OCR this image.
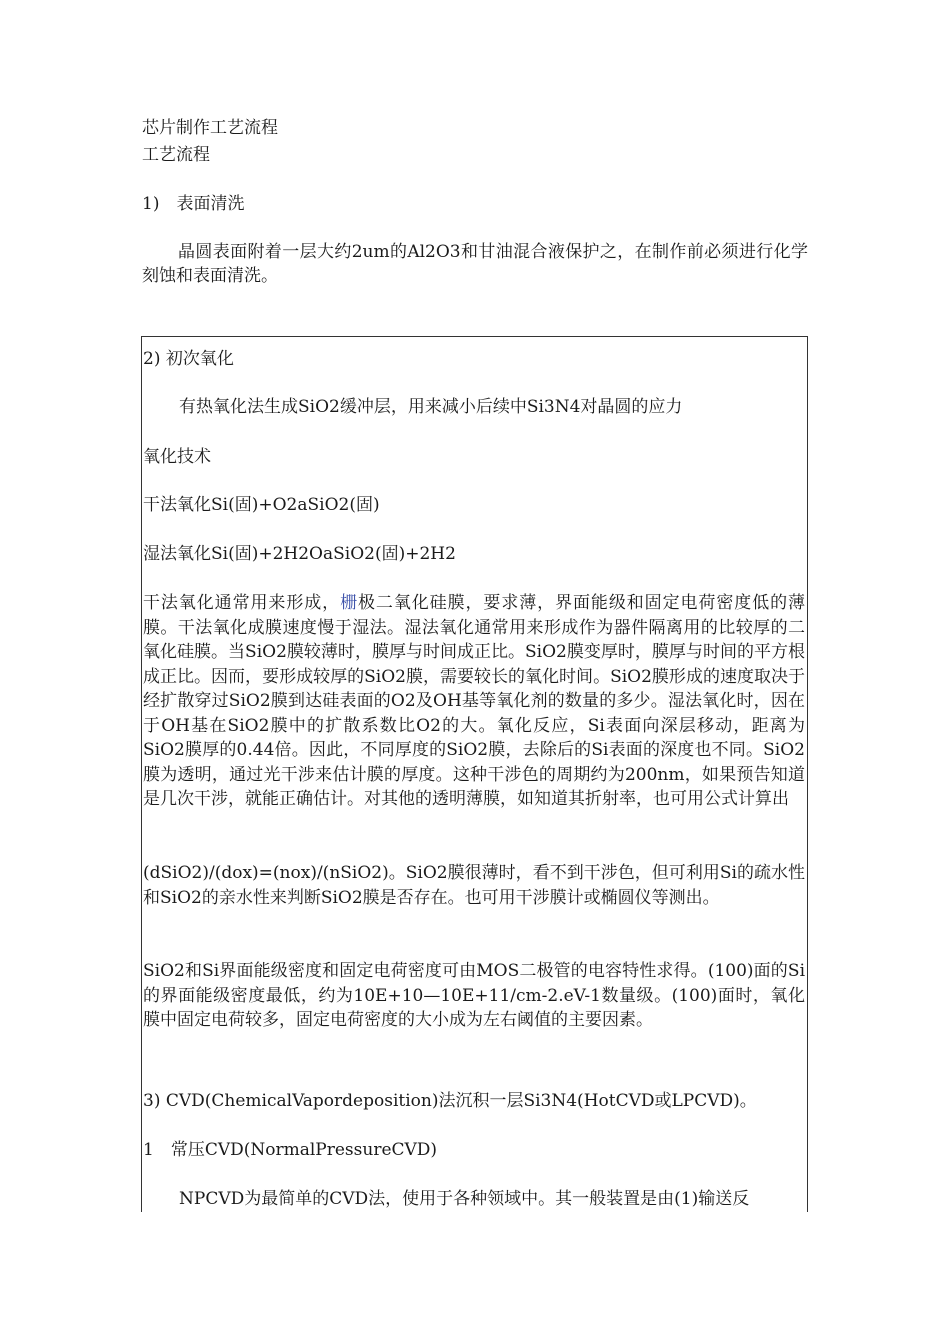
芯片制作工艺流程
工艺流程
1)　表面清洗
晶圆表面附着一层大约2um的Al2O3和甘油混合液保护之，在制作前必须进行化学刻蚀和表面清洗。
2) 初次氧化
有热氧化法生成SiO2缓冲层，用来减小后续中Si3N4对晶圆的应力
氧化技术
干法氧化Si(固)+O2aSiO2(固)
湿法氧化Si(固)+2H2OaSiO2(固)+2H2
干法氧化通常用来形成，栅极二氧化硅膜，要求薄，界面能级和固定电荷密度低的薄膜。干法氧化成膜速度慢于湿法。湿法氧化通常用来形成作为器件隔离用的比较厚的二氧化硅膜。当SiO2膜较薄时，膜厚与时间成正比。SiO2膜变厚时，膜厚与时间的平方根成正比。因而，要形成较厚的SiO2膜，需要较长的氧化时间。SiO2膜形成的速度取决于经扩散穿过SiO2膜到达硅表面的O2及OH基等氧化剂的数量的多少。湿法氧化时，因在于OH基在SiO2膜中的扩散系数比O2的大。氧化反应，Si表面向深层移动，距离为SiO2膜厚的0.44倍。因此，不同厚度的SiO2膜，去除后的Si表面的深度也不同。SiO2膜为透明，通过光干涉来估计膜的厚度。这种干涉色的周期约为200nm，如果预告知道是几次干涉，就能正确估计。对其他的透明薄膜，如知道其折射率，也可用公式计算出
(dSiO2)/(dox)=(nox)/(nSiO2)。SiO2膜很薄时，看不到干涉色，但可利用Si的疏水性和SiO2的亲水性来判断SiO2膜是否存在。也可用干涉膜计或椭圆仪等测出。
SiO2和Si界面能级密度和固定电荷密度可由MOS二极管的电容特性求得。(100)面的Si的界面能级密度最低，约为10E+10—10E+11/cm-2.eV-1数量级。(100)面时，氧化膜中固定电荷较多，固定电荷密度的大小成为左右阈值的主要因素。
3) CVD(ChemicalVapordeposition)法沉积一层Si3N4(HotCVD或LPCVD)。
1　常压CVD(NormalPressureCVD)
NPCVD为最简单的CVD法，使用于各种领域中。其一般装置是由(1)输送反
